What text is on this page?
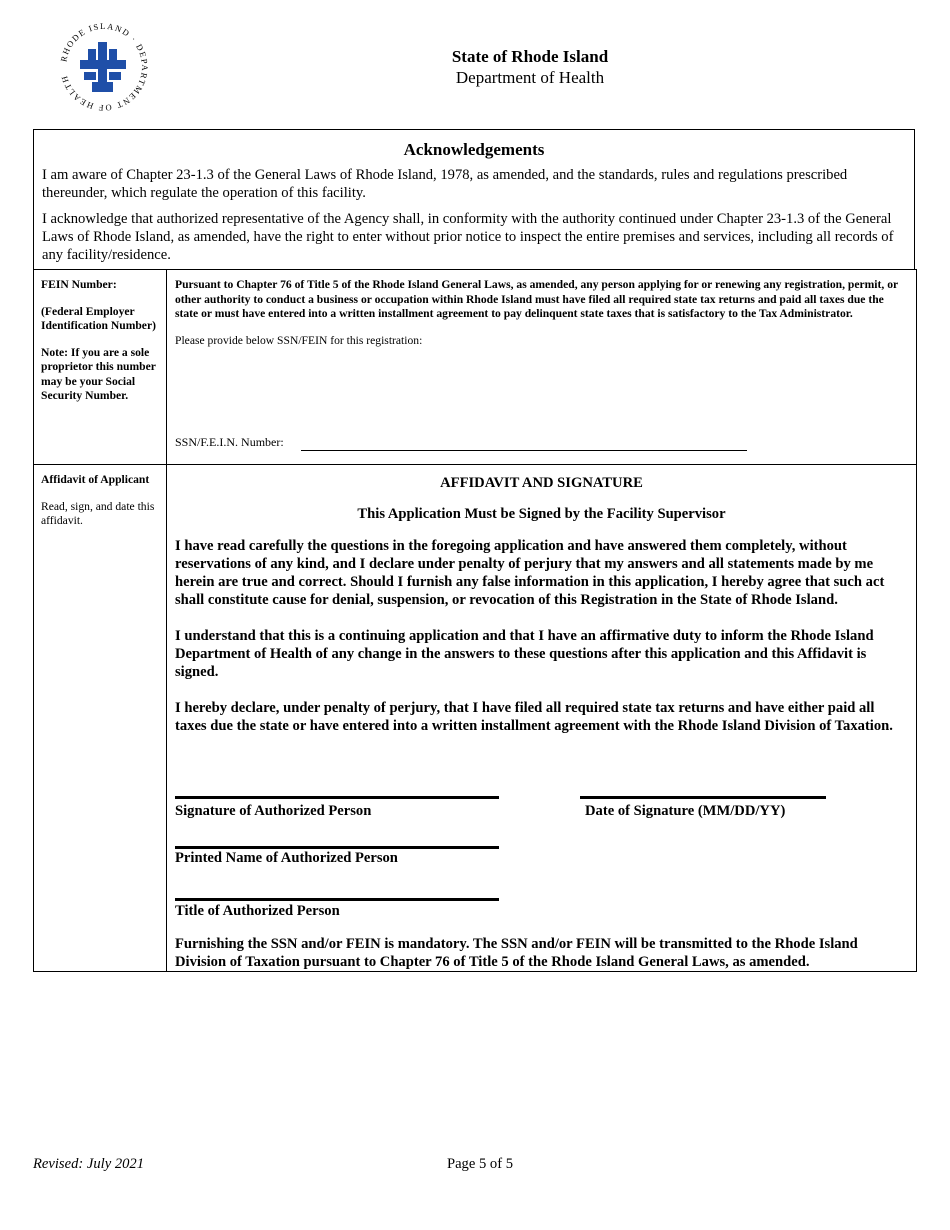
RHODE ISLAND · DEPARTMENT OF HEALTH
State of Rhode Island
Department of Health
Acknowledgements

I am aware of Chapter 23-1.3 of the General Laws of Rhode Island, 1978, as amended, and the standards, rules and regulations prescribed thereunder, which regulate the operation of this facility.

I acknowledge that authorized representative of the Agency shall, in conformity with the authority continued under Chapter 23-1.3 of the General Laws of Rhode Island, as amended, have the right to enter without prior notice to inspect the entire premises and services, including all records of any facility/residence.

FEIN Number:

(Federal Employer Identification Number)

Note: If you are a sole proprietor this number may be your Social Security Number.

Pursuant to Chapter 76 of Title 5 of the Rhode Island General Laws, as amended, any person applying for or renewing any registration, permit, or other authority to conduct a business or occupation within Rhode Island must have filed all required state tax returns and paid all taxes due the state or must have entered into a written installment agreement to pay delinquent state taxes that is satisfactory to the Tax Administrator.

Please provide below SSN/FEIN for this registration:

SSN/F.E.I.N. Number:

Affidavit of Applicant

Read, sign, and date this affidavit.

AFFIDAVIT AND SIGNATURE
This Application Must be Signed by the Facility Supervisor

I have read carefully the questions in the foregoing application and have answered them completely, without reservations of any kind, and I declare under penalty of perjury that my answers and all statements made by me herein are true and correct. Should I furnish any false information in this application, I hereby agree that such act shall constitute cause for denial, suspension, or revocation of this Registration in the State of Rhode Island.

I understand that this is a continuing application and that I have an affirmative duty to inform the Rhode Island Department of Health of any change in the answers to these questions after this application and this Affidavit is signed.

I hereby declare, under penalty of perjury, that I have filed all required state tax returns and have either paid all taxes due the state or have entered into a written installment agreement with the Rhode Island Division of Taxation.

Signature of Authorized Person	Date of Signature (MM/DD/YY)
Printed Name of Authorized Person
Title of Authorized Person
Furnishing the SSN and/or FEIN is mandatory. The SSN and/or FEIN will be transmitted to the Rhode Island Division of Taxation pursuant to Chapter 76 of Title 5 of the Rhode Island General Laws, as amended.
Revised: July 2021	Page 5 of 5
